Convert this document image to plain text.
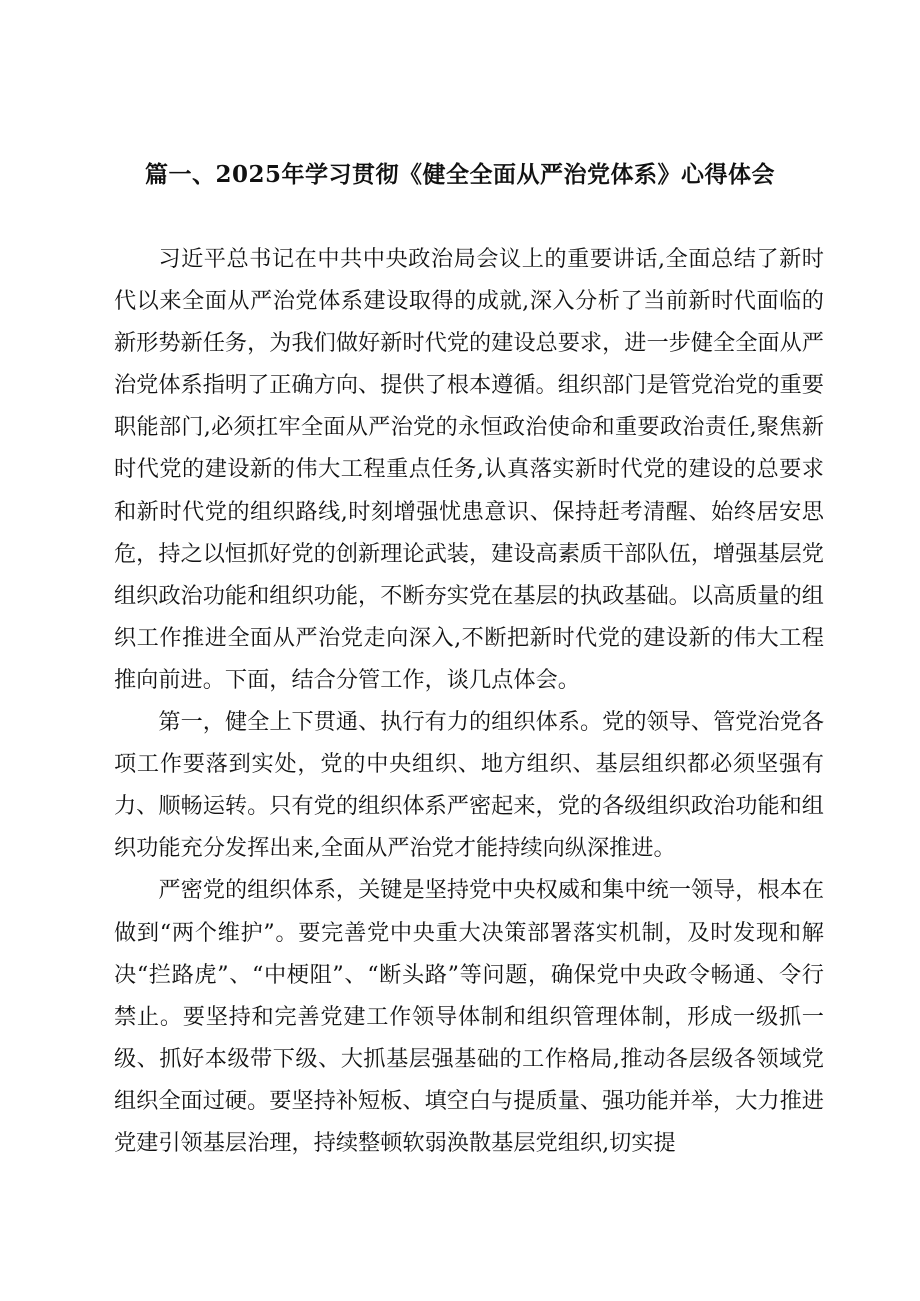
篇一、2025年学习贯彻《健全全面从严治党体系》心得体会

习近平总书记在中共中央政治局会议上的重要讲话,全面总结了新时代以来全面从严治党体系建设取得的成就,深入分析了当前新时代面临的新形势新任务，为我们做好新时代党的建设总要求，进一步健全全面从严治党体系指明了正确方向、提供了根本遵循。组织部门是管党治党的重要职能部门,必须扛牢全面从严治党的永恒政治使命和重要政治责任,聚焦新时代党的建设新的伟大工程重点任务,认真落实新时代党的建设的总要求和新时代党的组织路线,时刻增强忧患意识、保持赶考清醒、始终居安思危，持之以恒抓好党的创新理论武装，建设高素质干部队伍，增强基层党组织政治功能和组织功能，不断夯实党在基层的执政基础。以高质量的组织工作推进全面从严治党走向深入,不断把新时代党的建设新的伟大工程推向前进。下面，结合分管工作，谈几点体会。

第一，健全上下贯通、执行有力的组织体系。党的领导、管党治党各项工作要落到实处，党的中央组织、地方组织、基层组织都必须坚强有力、顺畅运转。只有党的组织体系严密起来，党的各级组织政治功能和组织功能充分发挥出来,全面从严治党才能持续向纵深推进。

严密党的组织体系，关键是坚持党中央权威和集中统一领导，根本在做到“两个维护”。要完善党中央重大决策部署落实机制，及时发现和解决“拦路虎”、“中梗阻”、“断头路”等问题，确保党中央政令畅通、令行禁止。要坚持和完善党建工作领导体制和组织管理体制，形成一级抓一级、抓好本级带下级、大抓基层强基础的工作格局,推动各层级各领域党组织全面过硬。要坚持补短板、填空白与提质量、强功能并举，大力推进党建引领基层治理，持续整顿软弱涣散基层党组织,切实提
